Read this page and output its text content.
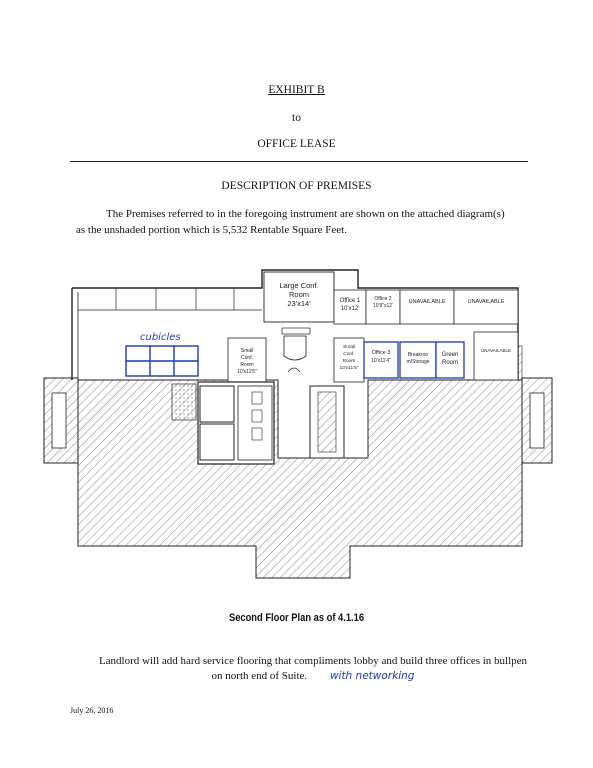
EXHIBIT B
to
OFFICE LEASE
DESCRIPTION OF PREMISES
The Premises referred to in the foregoing instrument are shown on the attached diagram(s)
as the unshaded portion which is 5,532 Rentable Square Feet.
Large Conf.
Room
23'x14'	Office 1
10'x12'
Office 2
10'9"x12'
UNAVAILABLE	UNAVAILABLE
UNAVAILABLE
Small
Conf.
Room
10'x11'5"
Small
Conf.
Room
10'x11'5"
Office 3
10'x11'4"
Breakroo
m/Storage
Green
Room
cubicles
Second Floor Plan as of 4.1.16
Landlord will add hard service flooring that compliments lobby and build three offices in bullpen
on north end of Suite. with networking
July 26, 2016
